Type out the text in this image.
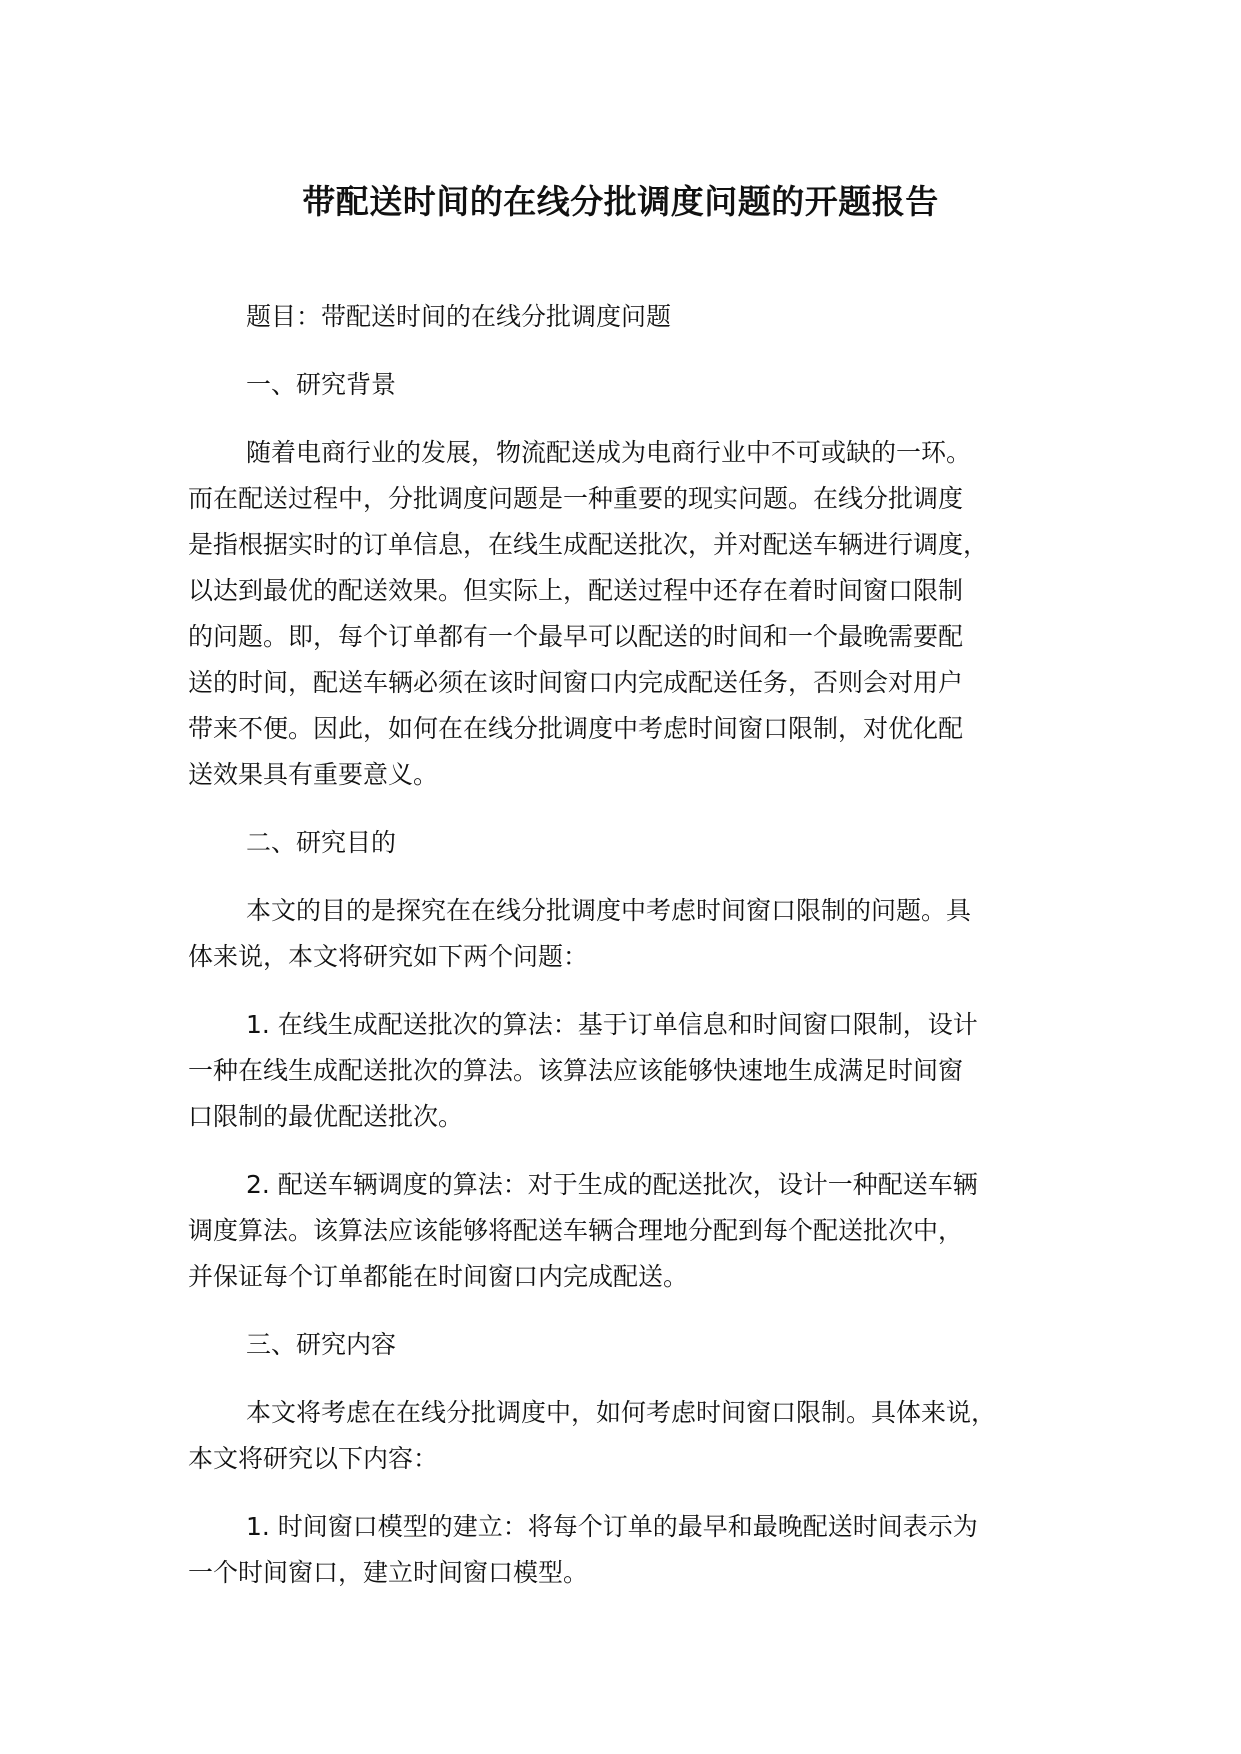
带配送时间的在线分批调度问题的开题报告
题目：带配送时间的在线分批调度问题
一、研究背景
随着电商行业的发展，物流配送成为电商行业中不可或缺的一环。
而在配送过程中，分批调度问题是一种重要的现实问题。在线分批调度
是指根据实时的订单信息，在线生成配送批次，并对配送车辆进行调度，
以达到最优的配送效果。但实际上，配送过程中还存在着时间窗口限制
的问题。即，每个订单都有一个最早可以配送的时间和一个最晚需要配
送的时间，配送车辆必须在该时间窗口内完成配送任务，否则会对用户
带来不便。因此，如何在在线分批调度中考虑时间窗口限制，对优化配
送效果具有重要意义。
二、研究目的
本文的目的是探究在在线分批调度中考虑时间窗口限制的问题。具
体来说，本文将研究如下两个问题：
1. 在线生成配送批次的算法：基于订单信息和时间窗口限制，设计
一种在线生成配送批次的算法。该算法应该能够快速地生成满足时间窗
口限制的最优配送批次。
2. 配送车辆调度的算法：对于生成的配送批次，设计一种配送车辆
调度算法。该算法应该能够将配送车辆合理地分配到每个配送批次中，
并保证每个订单都能在时间窗口内完成配送。
三、研究内容
本文将考虑在在线分批调度中，如何考虑时间窗口限制。具体来说，
本文将研究以下内容：
1. 时间窗口模型的建立：将每个订单的最早和最晚配送时间表示为
一个时间窗口，建立时间窗口模型。
